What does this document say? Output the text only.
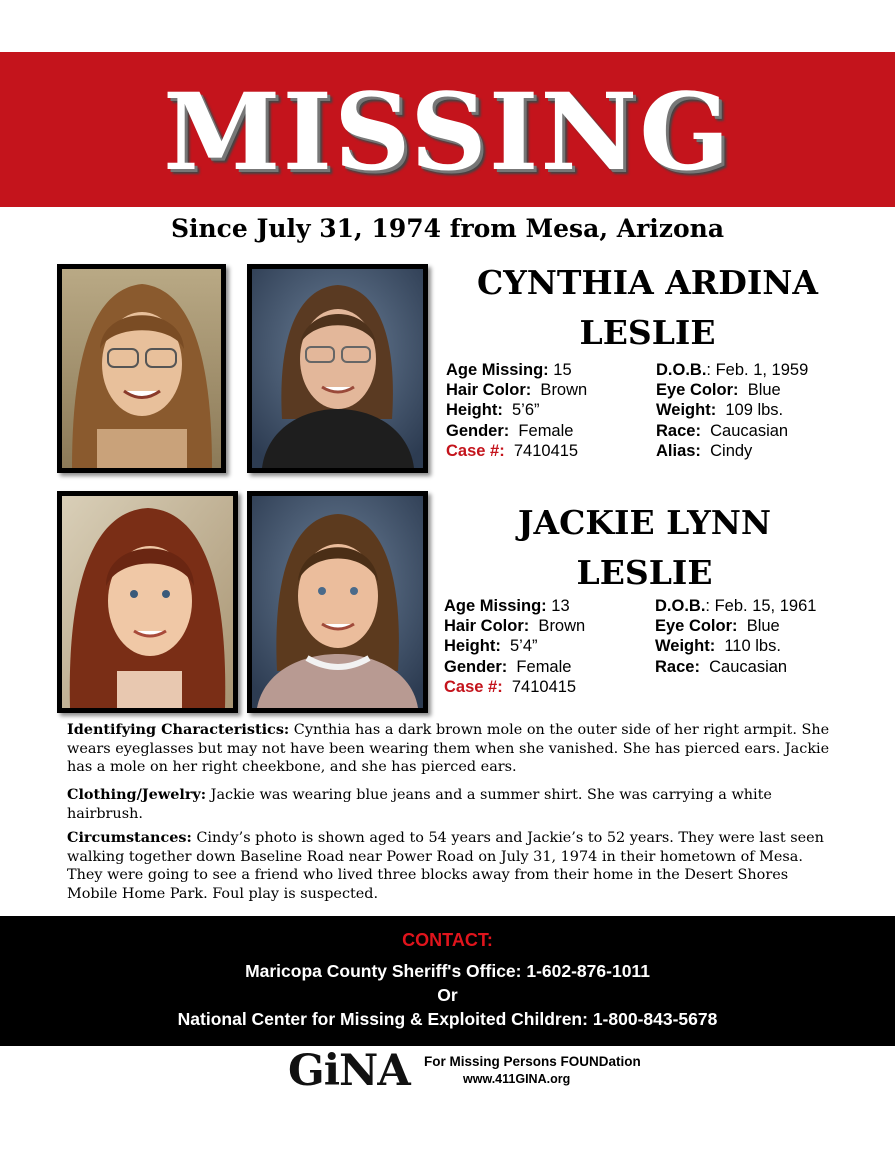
MISSING
Since July 31, 1974 from Mesa, Arizona
CYNTHIA ARDINA
LESLIE
Age Missing: 15
Hair Color:  Brown
Height:  5’6”
Gender:  Female
Case #:  7410415
D.O.B.: Feb. 1, 1959
Eye Color:  Blue
Weight:  109 lbs.
Race:  Caucasian
Alias:  Cindy
JACKIE LYNN
LESLIE
Age Missing: 13
Hair Color:  Brown
Height:  5’4”
Gender:  Female
Case #:  7410415
D.O.B.: Feb. 15, 1961
Eye Color:  Blue
Weight:  110 lbs.
Race:  Caucasian
Identifying Characteristics: Cynthia has a dark brown mole on the outer side of her right armpit. She wears eyeglasses but may not have been wearing them when she vanished. She has pierced ears. Jackie has a mole on her right cheekbone, and she has pierced ears.
Clothing/Jewelry: Jackie was wearing blue jeans and a summer shirt. She was carrying a white hairbrush.
Circumstances: Cindy’s photo is shown aged to 54 years and Jackie’s to 52 years. They were last seen walking together down Baseline Road near Power Road on July 31, 1974 in their hometown of Mesa. They were going to see a friend who lived three blocks away from their home in the Desert Shores Mobile Home Park. Foul play is suspected.
CONTACT:
Maricopa County Sheriff's Office: 1-602-876-1011
Or
National Center for Missing & Exploited Children: 1-800-843-5678
GiNA For Missing Persons FOUNDation
www.411GINA.org
